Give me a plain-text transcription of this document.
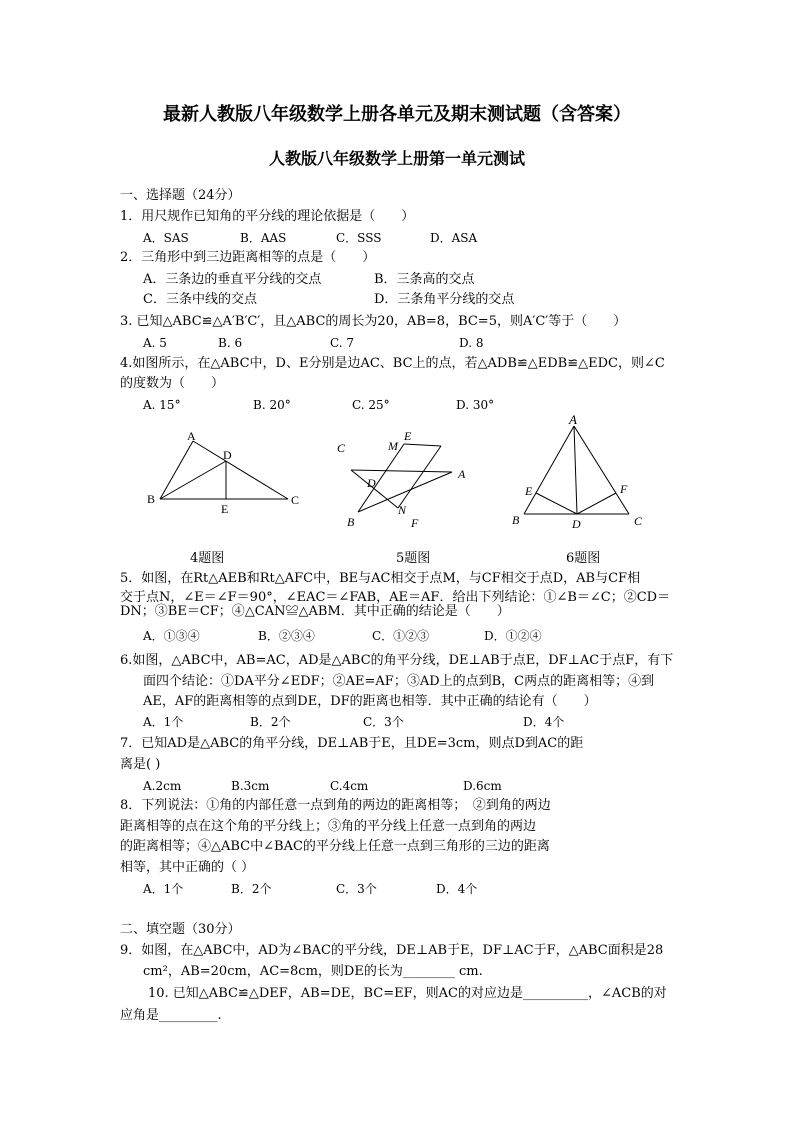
最新人教版八年级数学上册各单元及期末测试题（含答案）
人教版八年级数学上册第一单元测试
一、选择题（24分）
1．用尺规作已知角的平分线的理论依据是（　　）
A．SAS	B．AAS	C．SSS	D．ASA
2．三角形中到三边距离相等的点是（　　）
A．三条边的垂直平分线的交点	B．三条高的交点
C．三条中线的交点	D．三条角平分线的交点
3. 已知△ABC≌△A′B′C′，且△ABC的周长为20，AB=8，BC=5，则A′C′等于（　　）
A. 5	B. 6	C. 7	D. 8
4.如图所示，在△ABC中，D、E分别是边AC、BC上的点，若△ADB≌△EDB≌△EDC，则∠C
的度数为（　　）
A. 15°	B. 20°	C. 25°	D. 30°
A
D
B
E
C
C	M
E
A
D
B
N
F
A
E	F
B	D	C
4题图	5题图	6题图
5．如图，在Rt△AEB和Rt△AFC中，BE与AC相交于点M，与CF相交于点D，AB与CF相
交于点N，∠E＝∠F＝90°，∠EAC＝∠FAB，AE＝AF．给出下列结论：①∠B＝∠C；②CD＝
DN；③BE＝CF；④△CAN≌△ABM．其中正确的结论是（　　）
A．①③④	B．②③④	C．①②③	D．①②④
6.如图，△ABC中，AB=AC，AD是△ABC的角平分线，DE⊥AB于点E，DF⊥AC于点F，有下
面四个结论：①DA平分∠EDF；②AE=AF；③AD上的点到B，C两点的距离相等；④到
AE，AF的距离相等的点到DE，DF的距离也相等．其中正确的结论有（　　）
A．1个	B．2个	C．3个	D．4个
7．已知AD是△ABC的角平分线，DE⊥AB于E，且DE=3cm，则点D到AC的距
离是( )
A.2cm	B.3cm	C.4cm	D.6cm
8．下列说法：①角的内部任意一点到角的两边的距离相等；　②到角的两边
距离相等的点在这个角的平分线上；③角的平分线上任意一点到角的两边
的距离相等；④△ABC中∠BAC的平分线上任意一点到三角形的三边的距离
相等，其中正确的（ ）
A．1个	B．2个	C．3个	D．4个
二、填空题（30分）
9．如图，在△ABC中，AD为∠BAC的平分线，DE⊥AB于E，DF⊥AC于F，△ABC面积是28
cm²，AB=20cm，AC=8cm，则DE的长为________ cm.
10. 已知△ABC≌△DEF，AB=DE，BC=EF，则AC的对应边是__________，∠ACB的对
应角是_________.
